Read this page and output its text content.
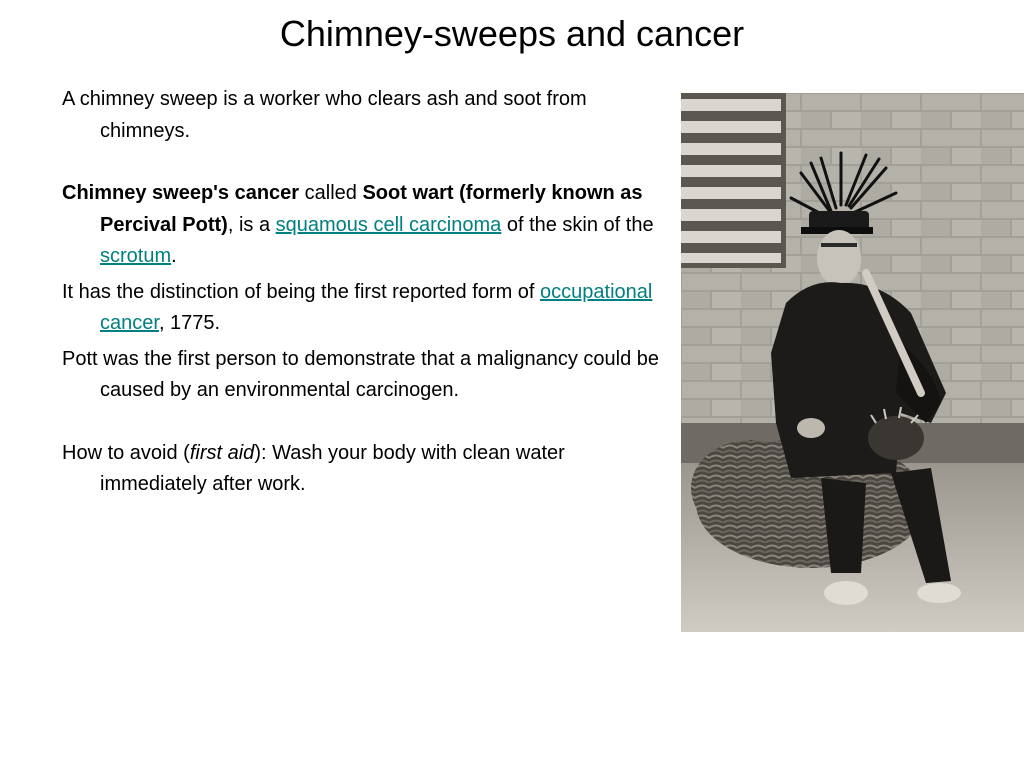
Chimney-sweeps and cancer

A chimney sweep is a worker who clears ash and soot from chimneys.

Chimney sweep's cancer called Soot wart (formerly known as Percival Pott), is a squamous cell carcinoma of the skin of the scrotum.

It has the distinction of being the first reported form of occupational cancer, 1775.

Pott was the first person to demonstrate that a malignancy could be caused by an environmental carcinogen.

How to avoid (first aid): Wash your body with clean water immediately after work.
